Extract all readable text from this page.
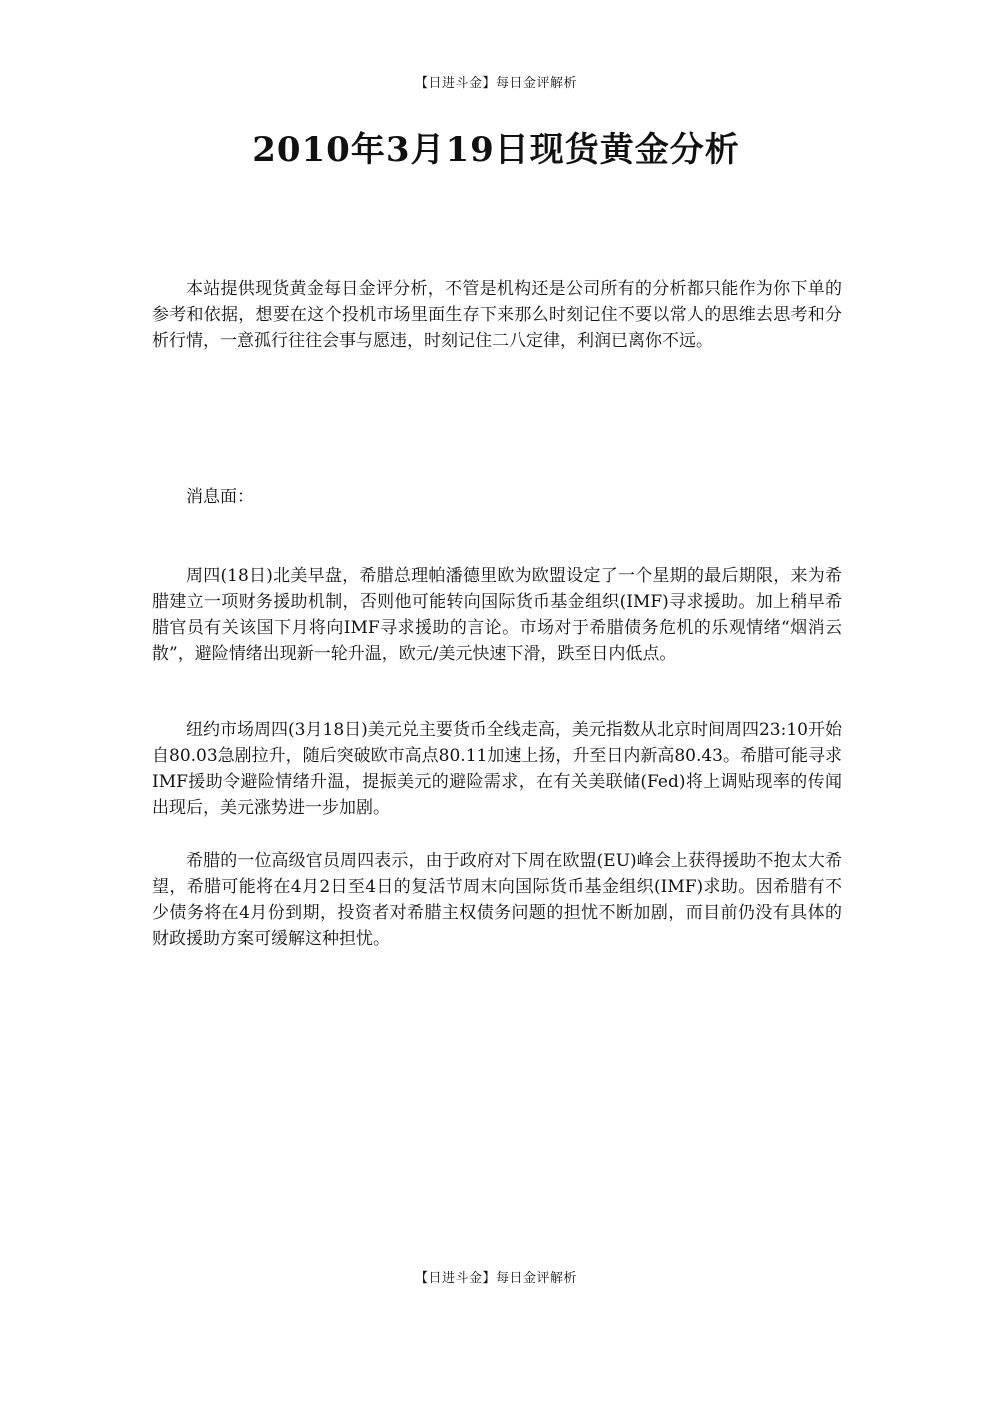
【日进斗金】每日金评解析
2010年3月19日现货黄金分析

本站提供现货黄金每日金评分析，不管是机构还是公司所有的分析都只能作为你下单的参考和依据，想要在这个投机市场里面生存下来那么时刻记住不要以常人的思维去思考和分析行情，一意孤行往往会事与愿违，时刻记住二八定律，利润已离你不远。

消息面：

周四(18日)北美早盘，希腊总理帕潘德里欧为欧盟设定了一个星期的最后期限，来为希腊建立一项财务援助机制，否则他可能转向国际货币基金组织(IMF)寻求援助。加上稍早希腊官员有关该国下月将向IMF寻求援助的言论。市场对于希腊债务危机的乐观情绪“烟消云散”，避险情绪出现新一轮升温，欧元/美元快速下滑，跌至日内低点。

纽约市场周四(3月18日)美元兑主要货币全线走高，美元指数从北京时间周四23:10开始自80.03急剧拉升，随后突破欧市高点80.11加速上扬，升至日内新高80.43。希腊可能寻求IMF援助令避险情绪升温，提振美元的避险需求，在有关美联储(Fed)将上调贴现率的传闻出现后，美元涨势进一步加剧。

希腊的一位高级官员周四表示，由于政府对下周在欧盟(EU)峰会上获得援助不抱太大希望，希腊可能将在4月2日至4日的复活节周末向国际货币基金组织(IMF)求助。因希腊有不少债务将在4月份到期，投资者对希腊主权债务问题的担忧不断加剧，而目前仍没有具体的财政援助方案可缓解这种担忧。

【日进斗金】每日金评解析
